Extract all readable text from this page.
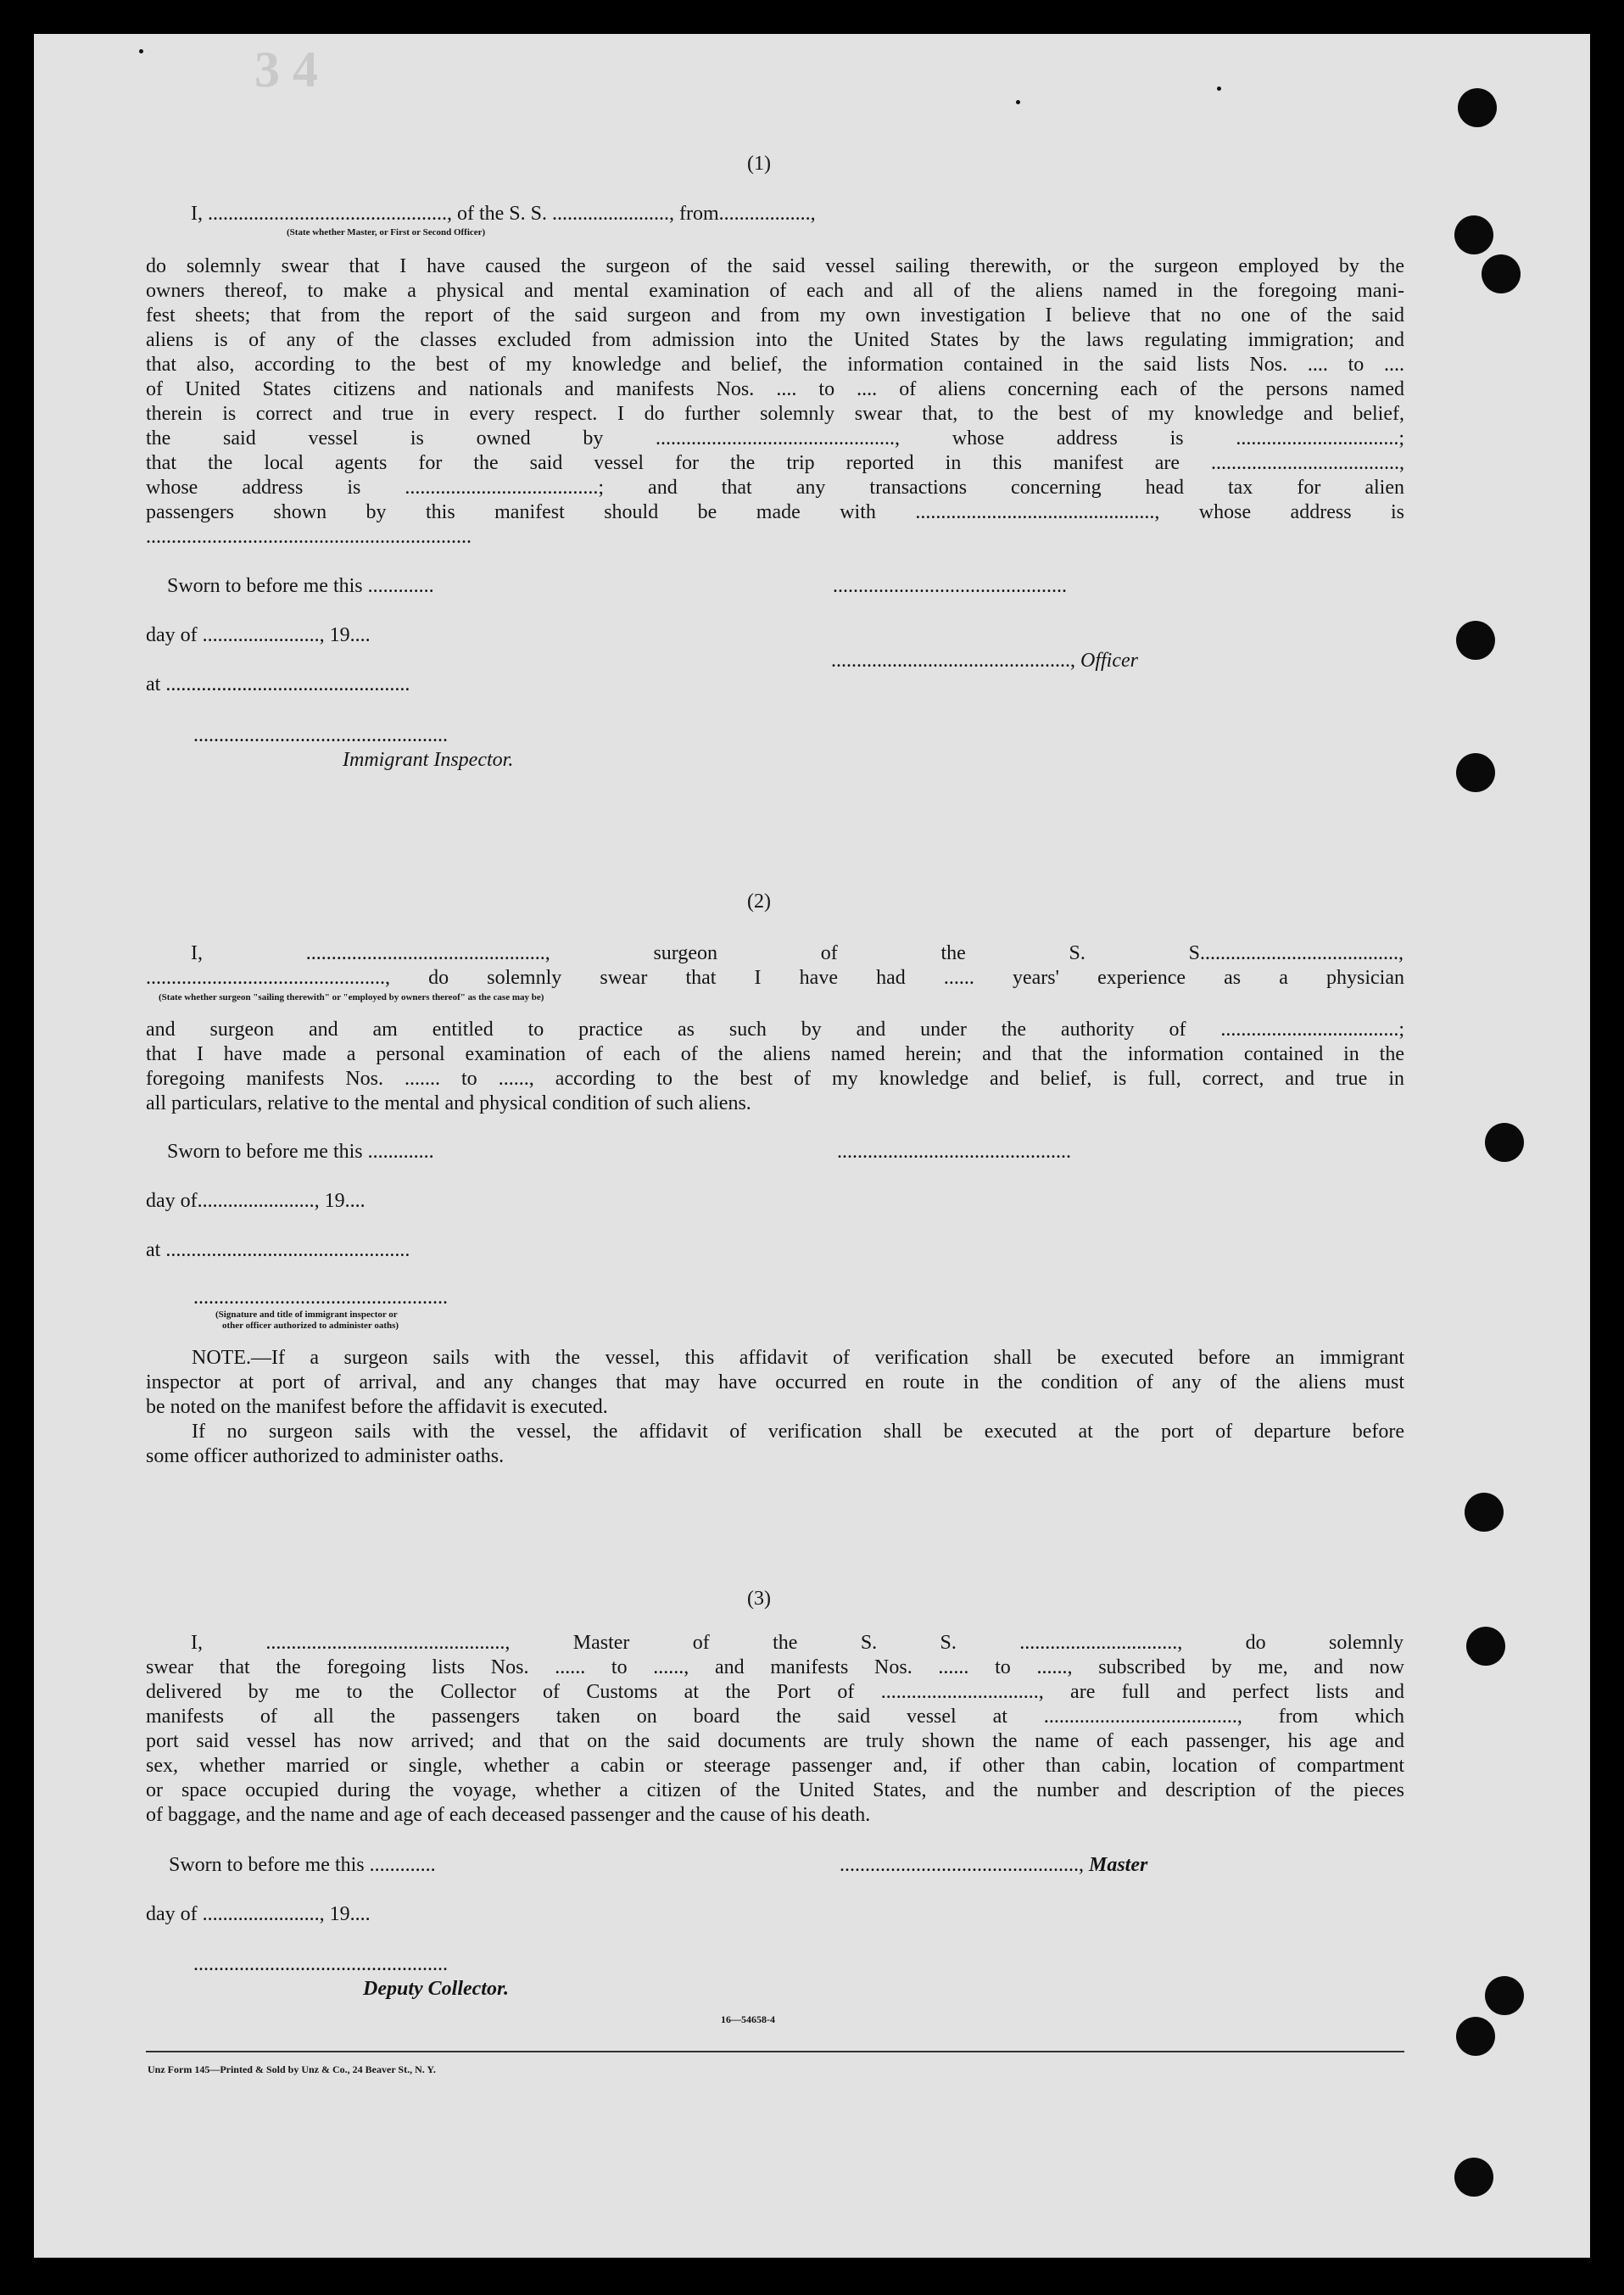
3 4
(1)
I, ..............................................., of the S. S. ......................., from..................,
(State whether Master, or First or Second Officer)
do solemnly swear that I have caused the surgeon of the said vessel sailing therewith, or the surgeon employed by the
owners thereof, to make a physical and mental examination of each and all of the aliens named in the foregoing mani-
fest sheets; that from the report of the said surgeon and from my own investigation I believe that no one of the said
aliens is of any of the classes excluded from admission into the United States by the laws regulating immigration; and
that also, according to the best of my knowledge and belief, the information contained in the said lists Nos. .... to ....
of United States citizens and nationals and manifests Nos. .... to .... of aliens concerning each of the persons named
therein is correct and true in every respect. I do further solemnly swear that, to the best of my knowledge and belief,
the said vessel is owned by ..............................................., whose address is ................................;
that the local agents for the said vessel for the trip reported in this manifest are .....................................,
whose address is ......................................; and that any transactions concerning head tax for alien
passengers shown by this manifest should be made with ..............................................., whose address is
................................................................
Sworn to before me this .............	..............................................
day of ......................., 19....
..............................................., Officer
at ................................................
..................................................
Immigrant Inspector.
(2)
I, ..............................................., surgeon of the S. S.......................................,
..............................................., do solemnly swear that I have had ...... years' experience as a physician
(State whether surgeon "sailing therewith" or "employed by owners thereof" as the case may be)
and surgeon and am entitled to practice as such by and under the authority of ...................................;
that I have made a personal examination of each of the aliens named herein; and that the information contained in the
foregoing manifests Nos. ....... to ......, according to the best of my knowledge and belief, is full, correct, and true in
all particulars, relative to the mental and physical condition of such aliens.
Sworn to before me this .............	..............................................
day of......................., 19....
at ................................................
..................................................
(Signature and title of immigrant inspector or
other officer authorized to administer oaths)
NOTE.—If a surgeon sails with the vessel, this affidavit of verification shall be executed before an immigrant
inspector at port of arrival, and any changes that may have occurred en route in the condition of any of the aliens must
be noted on the manifest before the affidavit is executed.
If no surgeon sails with the vessel, the affidavit of verification shall be executed at the port of departure before
some officer authorized to administer oaths.
(3)
I, ..............................................., Master of the S. S. ..............................., do solemnly
swear that the foregoing lists Nos. ...... to ......, and manifests Nos. ...... to ......, subscribed by me, and now
delivered by me to the Collector of Customs at the Port of ..............................., are full and perfect lists and
manifests of all the passengers taken on board the said vessel at ......................................, from which
port said vessel has now arrived; and that on the said documents are truly shown the name of each passenger, his age and
sex, whether married or single, whether a cabin or steerage passenger and, if other than cabin, location of compartment
or space occupied during the voyage, whether a citizen of the United States, and the number and description of the pieces
of baggage, and the name and age of each deceased passenger and the cause of his death.
Sworn to before me this .............	..............................................., Master
day of ......................., 19....
..................................................
Deputy Collector.
16—54658-4
Unz Form 145—Printed & Sold by Unz & Co., 24 Beaver St., N. Y.
